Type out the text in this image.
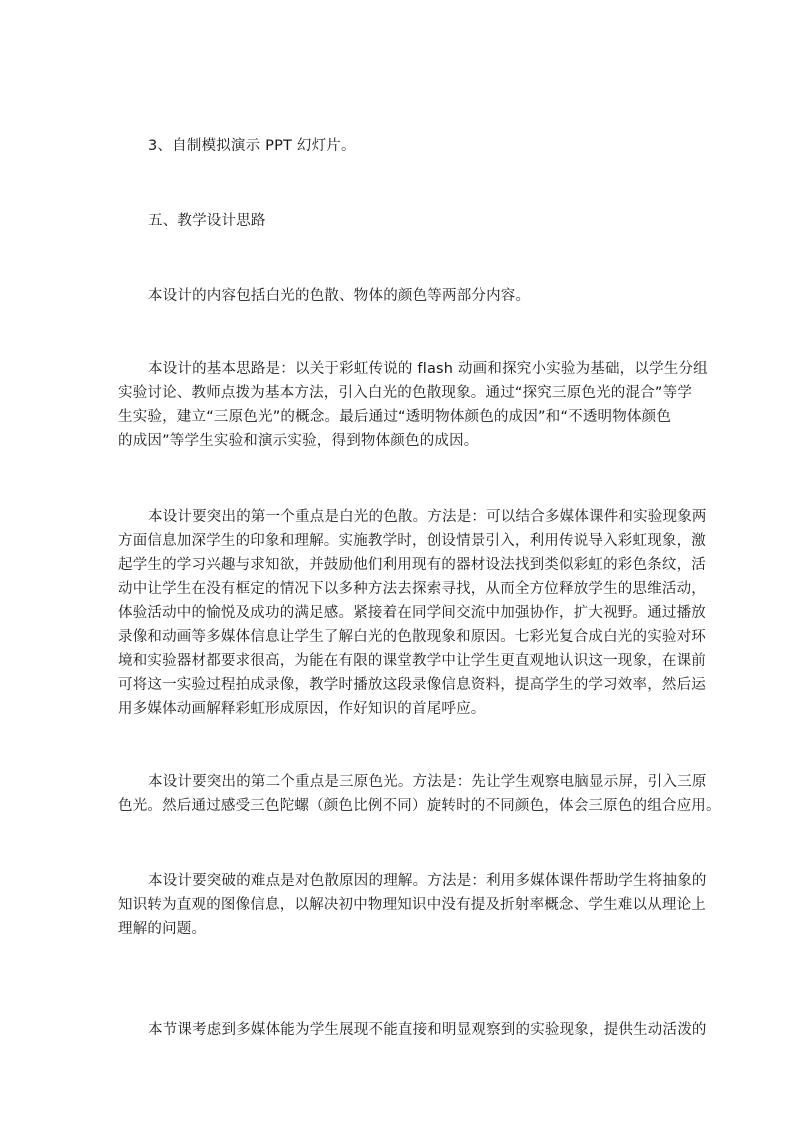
3、自制模拟演示 PPT 幻灯片。

五、教学设计思路

本设计的内容包括白光的色散、物体的颜色等两部分内容。

本设计的基本思路是：以关于彩虹传说的 flash 动画和探究小实验为基础，以学生分组
实验讨论、教师点拨为基本方法，引入白光的色散现象。通过“探究三原色光的混合”等学
生实验，建立“三原色光”的概念。最后通过“透明物体颜色的成因”和“不透明物体颜色
的成因”等学生实验和演示实验，得到物体颜色的成因。

本设计要突出的第一个重点是白光的色散。方法是：可以结合多媒体课件和实验现象两
方面信息加深学生的印象和理解。实施教学时，创设情景引入，利用传说导入彩虹现象，激
起学生的学习兴趣与求知欲，并鼓励他们利用现有的器材设法找到类似彩虹的彩色条纹，活
动中让学生在没有框定的情况下以多种方法去探索寻找，从而全方位释放学生的思维活动，
体验活动中的愉悦及成功的满足感。紧接着在同学间交流中加强协作，扩大视野。通过播放
录像和动画等多媒体信息让学生了解白光的色散现象和原因。七彩光复合成白光的实验对环
境和实验器材都要求很高，为能在有限的课堂教学中让学生更直观地认识这一现象，在课前
可将这一实验过程拍成录像，教学时播放这段录像信息资料，提高学生的学习效率，然后运
用多媒体动画解释彩虹形成原因，作好知识的首尾呼应。

本设计要突出的第二个重点是三原色光。方法是：先让学生观察电脑显示屏，引入三原
色光。然后通过感受三色陀螺（颜色比例不同）旋转时的不同颜色，体会三原色的组合应用。

本设计要突破的难点是对色散原因的理解。方法是：利用多媒体课件帮助学生将抽象的
知识转为直观的图像信息，以解决初中物理知识中没有提及折射率概念、学生难以从理论上
理解的问题。

本节课考虑到多媒体能为学生展现不能直接和明显观察到的实验现象，提供生动活泼的
